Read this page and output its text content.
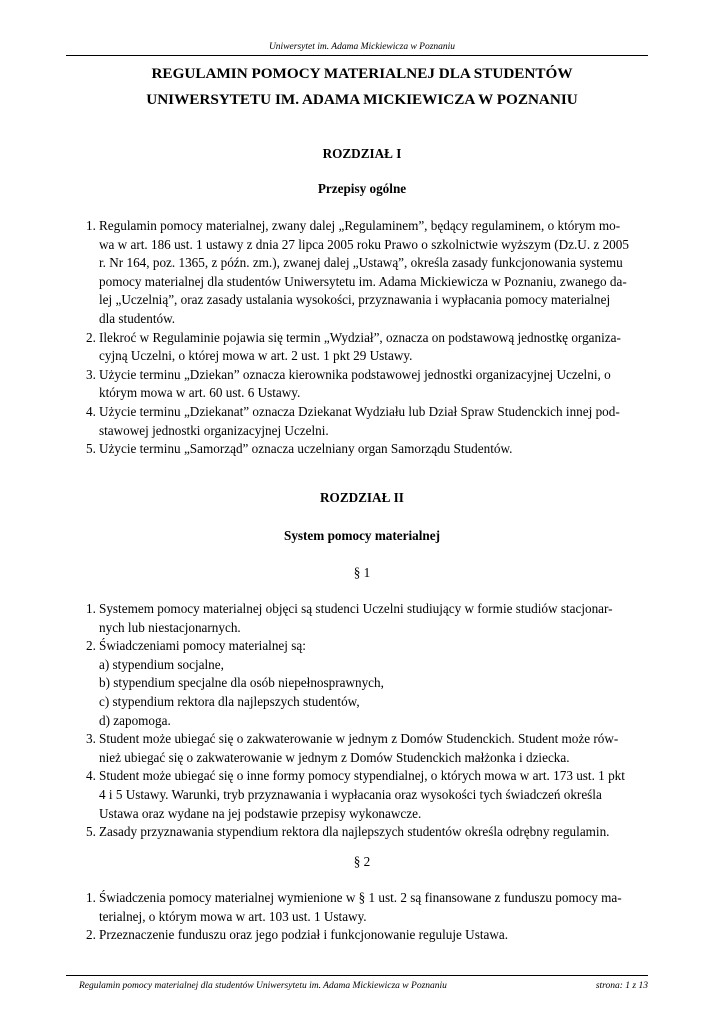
Uniwersytet im. Adama Mickiewicza w Poznaniu
REGULAMIN POMOCY MATERIALNEJ DLA STUDENTÓW
UNIWERSYTETU IM. ADAMA MICKIEWICZA W POZNANIU
ROZDZIAŁ I
Przepisy ogólne
1. Regulamin pomocy materialnej, zwany dalej „Regulaminem”, będący regulaminem, o którym mo-
wa w art. 186 ust. 1 ustawy z dnia 27 lipca 2005 roku Prawo o szkolnictwie wyższym (Dz.U. z 2005
r. Nr 164, poz. 1365, z późn. zm.), zwanej dalej „Ustawą”, określa zasady funkcjonowania systemu
pomocy materialnej dla studentów Uniwersytetu im. Adama Mickiewicza w Poznaniu, zwanego da-
lej „Uczelnią”, oraz zasady ustalania wysokości, przyznawania i wypłacania pomocy materialnej
dla studentów.
2. Ilekroć w Regulaminie pojawia się termin „Wydział”, oznacza on podstawową jednostkę organiza-
cyjną Uczelni, o której mowa w art. 2 ust. 1 pkt 29 Ustawy.
3. Użycie terminu „Dziekan” oznacza kierownika podstawowej jednostki organizacyjnej Uczelni, o
którym mowa w art. 60 ust. 6 Ustawy.
4. Użycie terminu „Dziekanat” oznacza Dziekanat Wydziału lub Dział Spraw Studenckich innej pod-
stawowej jednostki organizacyjnej Uczelni.
5. Użycie terminu „Samorząd” oznacza uczelniany organ Samorządu Studentów.
ROZDZIAŁ II
System pomocy materialnej
§ 1
1. Systemem pomocy materialnej objęci są studenci Uczelni studiujący w formie studiów stacjonar-
nych lub niestacjonarnych.
2. Świadczeniami pomocy materialnej są:
a) stypendium socjalne,
b) stypendium specjalne dla osób niepełnosprawnych,
c) stypendium rektora dla najlepszych studentów,
d) zapomoga.
3. Student może ubiegać się o zakwaterowanie w jednym z Domów Studenckich. Student może rów-
nież ubiegać się o zakwaterowanie w jednym z Domów Studenckich małżonka i dziecka.
4. Student może ubiegać się o inne formy pomocy stypendialnej, o których mowa w art. 173 ust. 1 pkt
4 i 5 Ustawy. Warunki, tryb przyznawania i wypłacania oraz wysokości tych świadczeń określa
Ustawa oraz wydane na jej podstawie przepisy wykonawcze.
5. Zasady przyznawania stypendium rektora dla najlepszych studentów określa odrębny regulamin.
§ 2
1. Świadczenia pomocy materialnej wymienione w § 1 ust. 2 są finansowane z funduszu pomocy ma-
terialnej, o którym mowa w art. 103 ust. 1 Ustawy.
2. Przeznaczenie funduszu oraz jego podział i funkcjonowanie reguluje Ustawa.
Regulamin pomocy materialnej dla studentów Uniwersytetu im. Adama Mickiewicza w Poznaniu	strona: 1 z 13
